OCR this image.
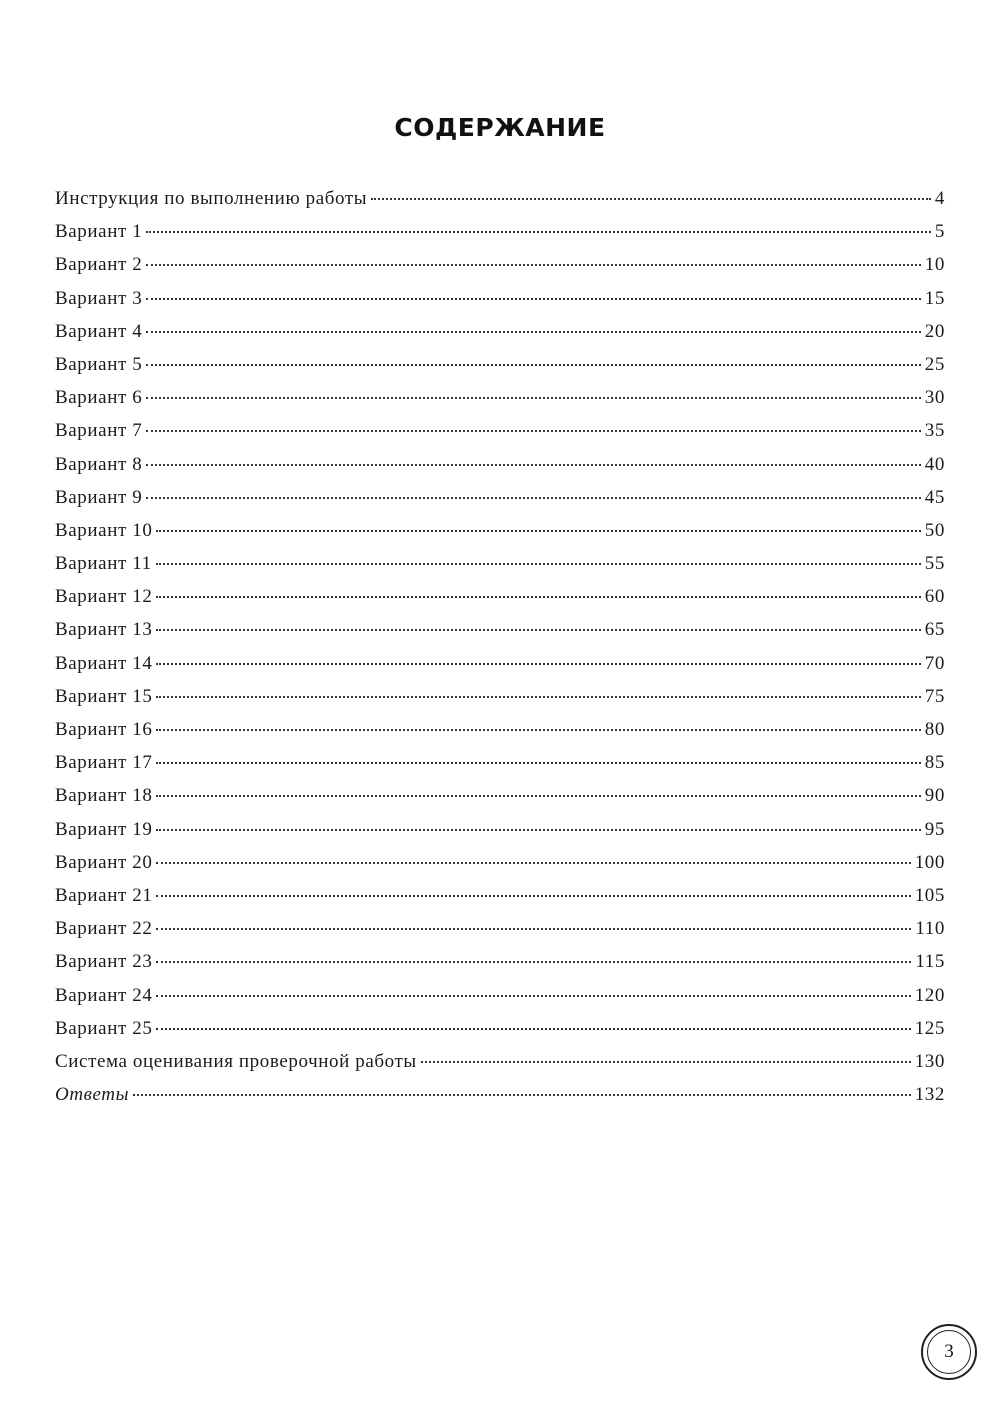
СОДЕРЖАНИЕ
Инструкция по выполнению работы	4
Вариант 1	5
Вариант 2	10
Вариант 3	15
Вариант 4	20
Вариант 5	25
Вариант 6	30
Вариант 7	35
Вариант 8	40
Вариант 9	45
Вариант 10	50
Вариант 11	55
Вариант 12	60
Вариант 13	65
Вариант 14	70
Вариант 15	75
Вариант 16	80
Вариант 17	85
Вариант 18	90
Вариант 19	95
Вариант 20	100
Вариант 21	105
Вариант 22	110
Вариант 23	115
Вариант 24	120
Вариант 25	125
Система оценивания проверочной работы	130
Ответы	132
3
